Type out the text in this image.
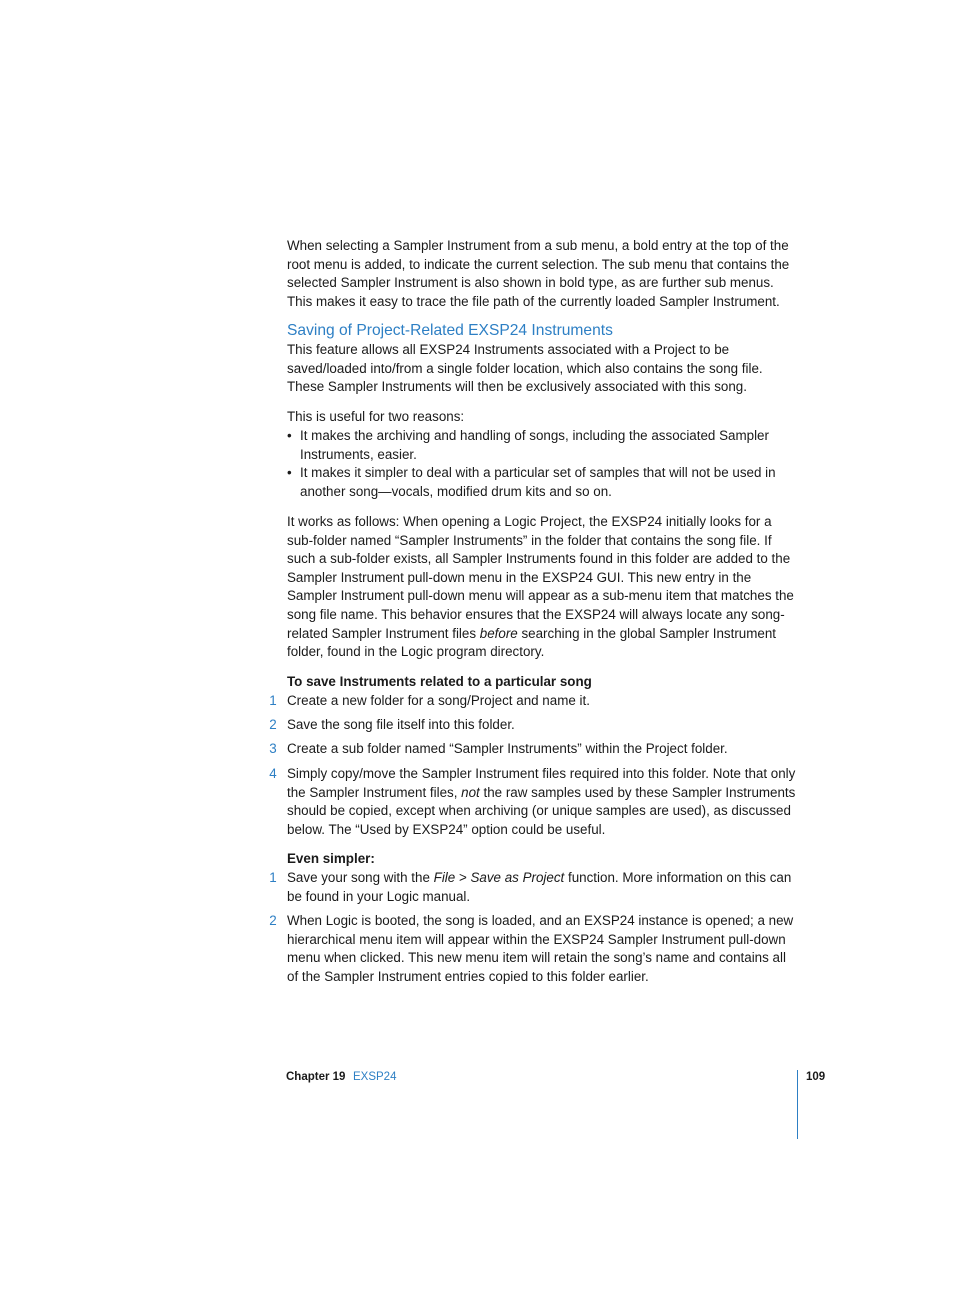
When selecting a Sampler Instrument from a sub menu, a bold entry at the top of the root menu is added, to indicate the current selection. The sub menu that contains the selected Sampler Instrument is also shown in bold type, as are further sub menus. This makes it easy to trace the file path of the currently loaded Sampler Instrument.

Saving of Project-Related EXSP24 Instruments

This feature allows all EXSP24 Instruments associated with a Project to be saved/loaded into/from a single folder location, which also contains the song file. These Sampler Instruments will then be exclusively associated with this song.

This is useful for two reasons:

• It makes the archiving and handling of songs, including the associated Sampler Instruments, easier.
• It makes it simpler to deal with a particular set of samples that will not be used in another song—vocals, modified drum kits and so on.

It works as follows: When opening a Logic Project, the EXSP24 initially looks for a sub-folder named “Sampler Instruments” in the folder that contains the song file. If such a sub-folder exists, all Sampler Instruments found in this folder are added to the Sampler Instrument pull-down menu in the EXSP24 GUI. This new entry in the Sampler Instrument pull-down menu will appear as a sub-menu item that matches the song file name. This behavior ensures that the EXSP24 will always locate any song-related Sampler Instrument files before searching in the global Sampler Instrument folder, found in the Logic program directory.

To save Instruments related to a particular song

1 Create a new folder for a song/Project and name it.
2 Save the song file itself into this folder.
3 Create a sub folder named “Sampler Instruments” within the Project folder.
4 Simply copy/move the Sampler Instrument files required into this folder. Note that only the Sampler Instrument files, not the raw samples used by these Sampler Instruments should be copied, except when archiving (or unique samples are used), as discussed below. The “Used by EXSP24” option could be useful.

Even simpler:

1 Save your song with the File > Save as Project function. More information on this can be found in your Logic manual.
2 When Logic is booted, the song is loaded, and an EXSP24 instance is opened; a new hierarchical menu item will appear within the EXSP24 Sampler Instrument pull-down menu when clicked. This new menu item will retain the song’s name and contains all of the Sampler Instrument entries copied to this folder earlier.
Chapter 19 EXSP24	109
